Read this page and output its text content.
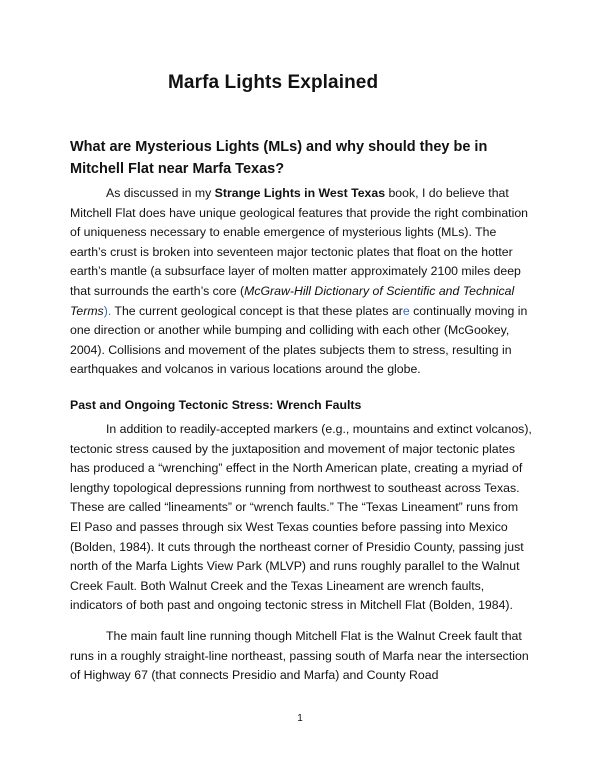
Marfa Lights Explained
What are Mysterious Lights (MLs) and why should they be in Mitchell Flat near Marfa Texas?
As discussed in my Strange Lights in West Texas book, I do believe that Mitchell Flat does have unique geological features that provide the right combination of uniqueness necessary to enable emergence of mysterious lights (MLs). The earth’s crust is broken into seventeen major tectonic plates that float on the hotter earth’s mantle (a subsurface layer of molten matter approximately 2100 miles deep that surrounds the earth’s core (McGraw-Hill Dictionary of Scientific and Technical Terms). The current geological concept is that these plates are continually moving in one direction or another while bumping and colliding with each other (McGookey, 2004). Collisions and movement of the plates subjects them to stress, resulting in earthquakes and volcanos in various locations around the globe.
Past and Ongoing Tectonic Stress: Wrench Faults
In addition to readily-accepted markers (e.g., mountains and extinct volcanos), tectonic stress caused by the juxtaposition and movement of major tectonic plates has produced a “wrenching” effect in the North American plate, creating a myriad of lengthy topological depressions running from northwest to southeast across Texas. These are called “lineaments” or “wrench faults.” The “Texas Lineament” runs from El Paso and passes through six West Texas counties before passing into Mexico (Bolden, 1984). It cuts through the northeast corner of Presidio County, passing just north of the Marfa Lights View Park (MLVP) and runs roughly parallel to the Walnut Creek Fault. Both Walnut Creek and the Texas Lineament are wrench faults, indicators of both past and ongoing tectonic stress in Mitchell Flat (Bolden, 1984).
The main fault line running though Mitchell Flat is the Walnut Creek fault that runs in a roughly straight-line northeast, passing south of Marfa near the intersection of Highway 67 (that connects Presidio and Marfa) and County Road
1
